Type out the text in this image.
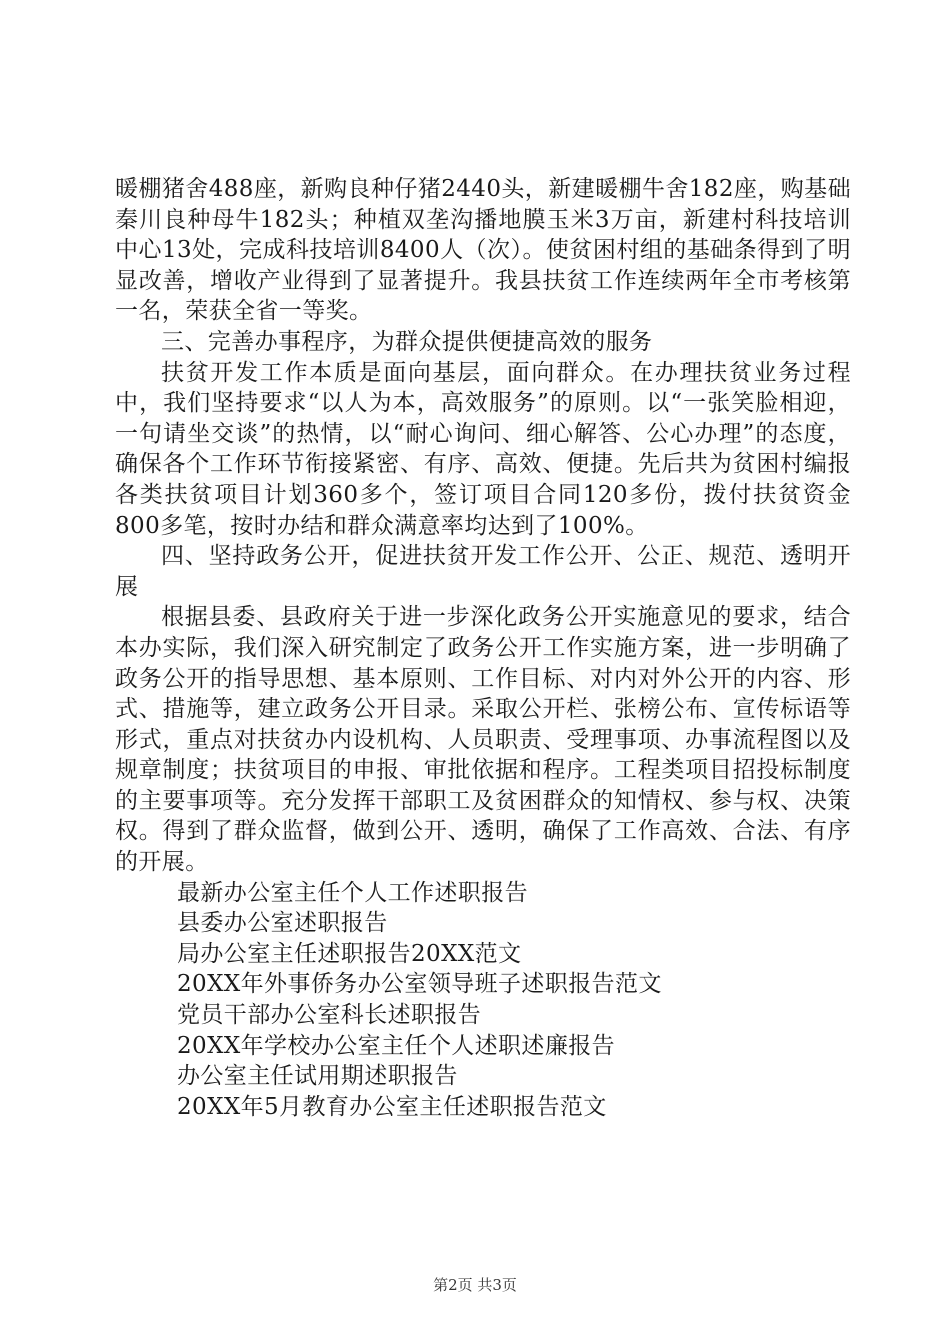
暖棚猪舍488座，新购良种仔猪2440头，新建暖棚牛舍182座，购基础秦川良种母牛182头；种植双垄沟播地膜玉米3万亩，新建村科技培训中心13处，完成科技培训8400人（次）。使贫困村组的基础条得到了明显改善，增收产业得到了显著提升。我县扶贫工作连续两年全市考核第一名，荣获全省一等奖。

三、完善办事程序，为群众提供便捷高效的服务

扶贫开发工作本质是面向基层，面向群众。在办理扶贫业务过程中，我们坚持要求“以人为本，高效服务”的原则。以“一张笑脸相迎，一句请坐交谈”的热情，以“耐心询问、细心解答、公心办理”的态度，确保各个工作环节衔接紧密、有序、高效、便捷。先后共为贫困村编报各类扶贫项目计划360多个，签订项目合同120多份，拨付扶贫资金800多笔，按时办结和群众满意率均达到了100%。

四、坚持政务公开，促进扶贫开发工作公开、公正、规范、透明开展

根据县委、县政府关于进一步深化政务公开实施意见的要求，结合本办实际，我们深入研究制定了政务公开工作实施方案，进一步明确了政务公开的指导思想、基本原则、工作目标、对内对外公开的内容、形式、措施等，建立政务公开目录。采取公开栏、张榜公布、宣传标语等形式，重点对扶贫办内设机构、人员职责、受理事项、办事流程图以及规章制度；扶贫项目的申报、审批依据和程序。工程类项目招投标制度的主要事项等。充分发挥干部职工及贫困群众的知情权、参与权、决策权。得到了群众监督，做到公开、透明，确保了工作高效、合法、有序的开展。

最新办公室主任个人工作述职报告
县委办公室述职报告
局办公室主任述职报告20XX范文
20XX年外事侨务办公室领导班子述职报告范文
党员干部办公室科长述职报告
20XX年学校办公室主任个人述职述廉报告
办公室主任试用期述职报告
20XX年5月教育办公室主任述职报告范文
第2页 共3页
